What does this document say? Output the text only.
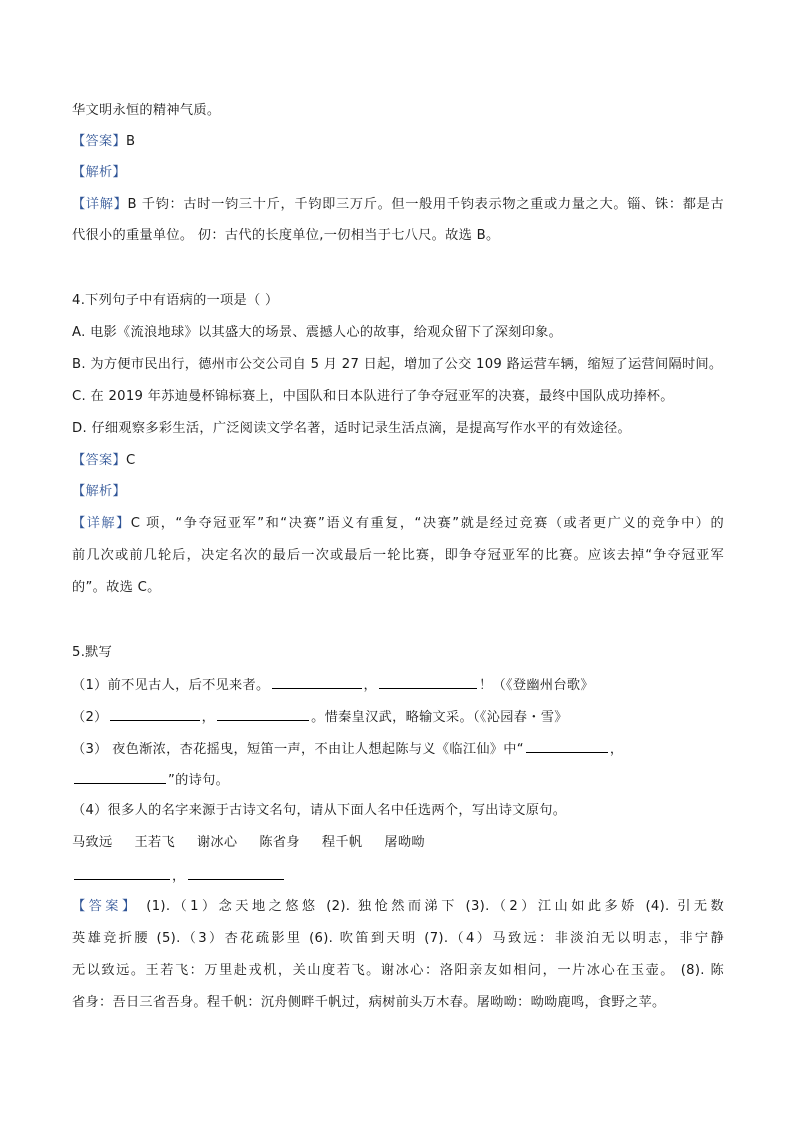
华文明永恒的精神气质。
【答案】B
【解析】
【详解】B 千钧：古时一钧三十斤，千钧即三万斤。但一般用千钧表示物之重或力量之大。锱、铢：都是古
代很小的重量单位。 仞：古代的长度单位,一仞相当于七八尺。故选 B。
4.下列句子中有语病的一项是（ ）
A. 电影《流浪地球》以其盛大的场景、震撼人心的故事，给观众留下了深刻印象。
B. 为方便市民出行，德州市公交公司自 5 月 27 日起，增加了公交 109 路运营车辆，缩短了运营间隔时间。
C. 在 2019 年苏迪曼杯锦标赛上，中国队和日本队进行了争夺冠亚军的决赛，最终中国队成功捧杯。
D. 仔细观察多彩生活，广泛阅读文学名著，适时记录生活点滴，是提高写作水平的有效途径。
【答案】C
【解析】
【详解】C 项，“争夺冠亚军”和“决赛”语义有重复，“决赛”就是经过竞赛（或者更广义的竞争中）的
前几次或前几轮后，决定名次的最后一次或最后一轮比赛，即争夺冠亚军的比赛。应该去掉“争夺冠亚军
的”。故选 C。
5.默写
（1）前不见古人，后不见来者。	，	！（《登幽州台歌》
（2）	，	。惜秦皇汉武，略输文采。（《沁园春・雪》
（3） 夜色渐浓，杏花摇曳，短笛一声，不由让人想起陈与义《临江仙》中“	，
”的诗句。
（4）很多人的名字来源于古诗文名句，请从下面人名中任选两个，写出诗文原句。
马致远 王若飞 谢冰心 陈省身 程千帆 屠呦呦
，
【答案】 (1).（1）念天地之悠悠 (2). 独怆然而涕下 (3).（2）江山如此多娇 (4). 引无数
英雄竞折腰 (5).（3）杏花疏影里 (6). 吹笛到天明 (7).（4）马致远：非淡泊无以明志，非宁静
无以致远。王若飞：万里赴戎机，关山度若飞。谢冰心：洛阳亲友如相问，一片冰心在玉壶。 (8). 陈
省身：吾日三省吾身。程千帆：沉舟侧畔千帆过，病树前头万木春。屠呦呦：呦呦鹿鸣，食野之苹。
